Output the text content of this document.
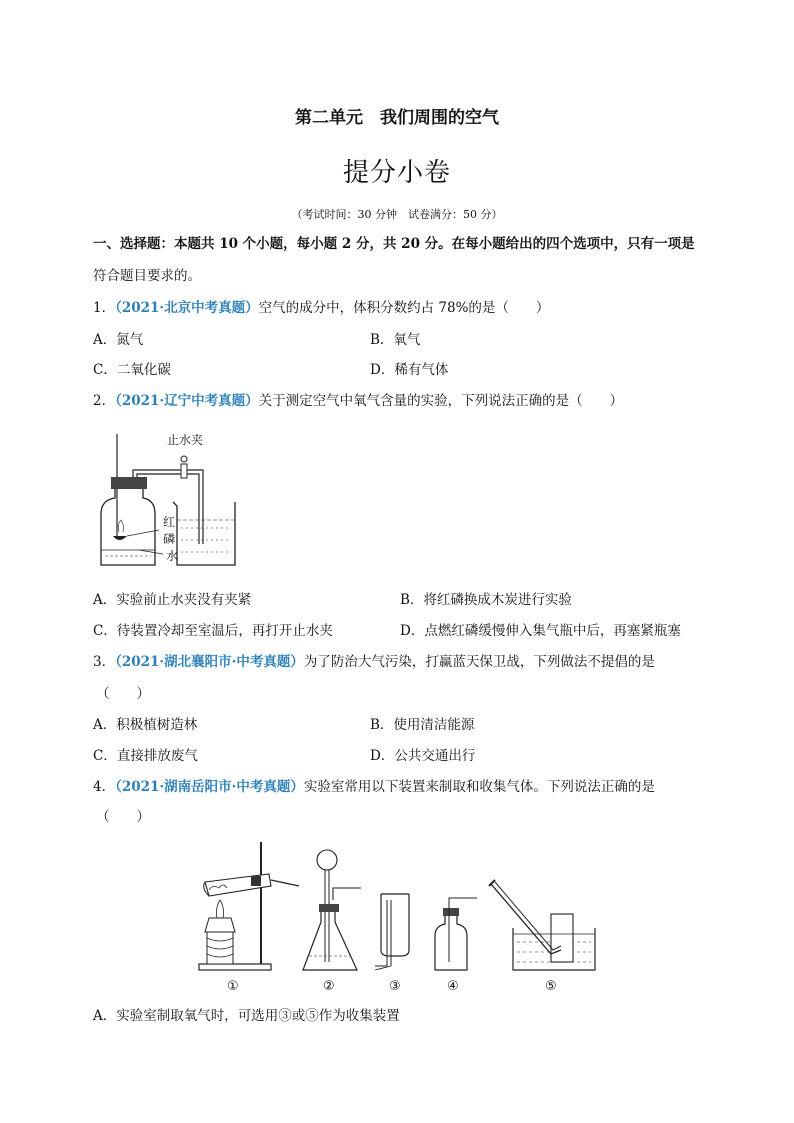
第二单元　我们周围的空气
提分小卷
（考试时间：30 分钟　试卷满分：50 分）
一、选择题：本题共 10 个小题，每小题 2 分，共 20 分。在每小题给出的四个选项中，只有一项是
符合题目要求的。
1．（2021·北京中考真题）空气的成分中，体积分数约占 78%的是（　　）
A．氮气	B．氧气
C．二氧化碳	D．稀有气体
2．（2021·辽宁中考真题）关于测定空气中氧气含量的实验，下列说法正确的是（　　）
止水夹
红
磷
水
A．实验前止水夹没有夹紧	B．将红磷换成木炭进行实验
C．待装置冷却至室温后，再打开止水夹	D．点燃红磷缓慢伸入集气瓶中后，再塞紧瓶塞
3．（2021·湖北襄阳市·中考真题）为了防治大气污染，打赢蓝天保卫战，下列做法不提倡的是
（　　）
A．积极植树造林	B．使用清洁能源
C．直接排放废气	D．公共交通出行
4．（2021·湖南岳阳市·中考真题）实验室常用以下装置来制取和收集气体。下列说法正确的是
（　　）
①	②	③	④	⑤
A．实验室制取氧气时，可选用③或⑤作为收集装置
